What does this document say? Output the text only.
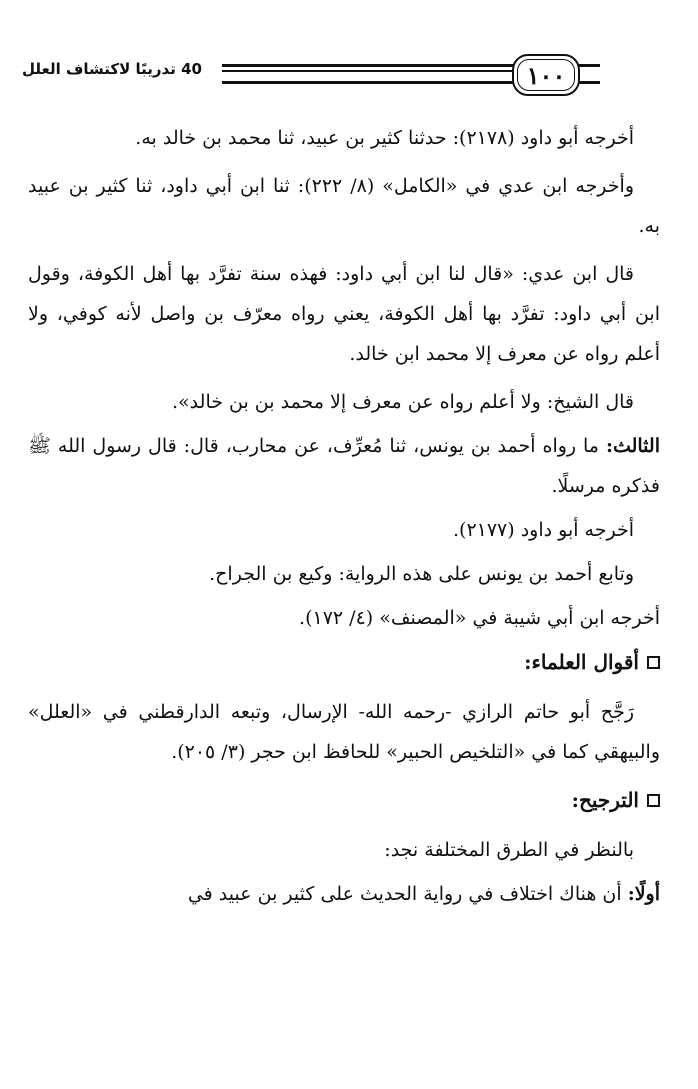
40 تدريبًا لاكتشاف العلل	١٠٠

أخرجه أبو داود (٢١٧٨): حدثنا كثير بن عبيد، ثنا محمد بن خالد به.

وأخرجه ابن عدي في «الكامل» (٨/ ٢٢٢): ثنا ابن أبي داود، ثنا كثير بن عبيد به.

قال ابن عدي: «قال لنا ابن أبي داود: فهذه سنة تفرَّد بها أهل الكوفة، وقول ابن أبي داود: تفرَّد بها أهل الكوفة، يعني رواه معرّف بن واصل لأنه كوفي، ولا أعلم رواه عن معرف إلا محمد ابن خالد.

قال الشيخ: ولا أعلم رواه عن معرف إلا محمد بن بن خالد».

الثالث: ما رواه أحمد بن يونس، ثنا مُعرِّف، عن محارب، قال: قال رسول الله ﷺ فذكره مرسلًا.

أخرجه أبو داود (٢١٧٧).

وتابع أحمد بن يونس على هذه الرواية: وكيع بن الجراح.

أخرجه ابن أبي شيبة في «المصنف» (٤/ ١٧٢).

أقوال العلماء:

رَجَّح أبو حاتم الرازي -رحمه الله- الإرسال، وتبعه الدارقطني في «العلل» والبيهقي كما في «التلخيص الحبير» للحافظ ابن حجر (٣/ ٢٠٥).

الترجيح:

بالنظر في الطرق المختلفة نجد:

أولًا: أن هناك اختلاف في رواية الحديث على كثير بن عبيد في
